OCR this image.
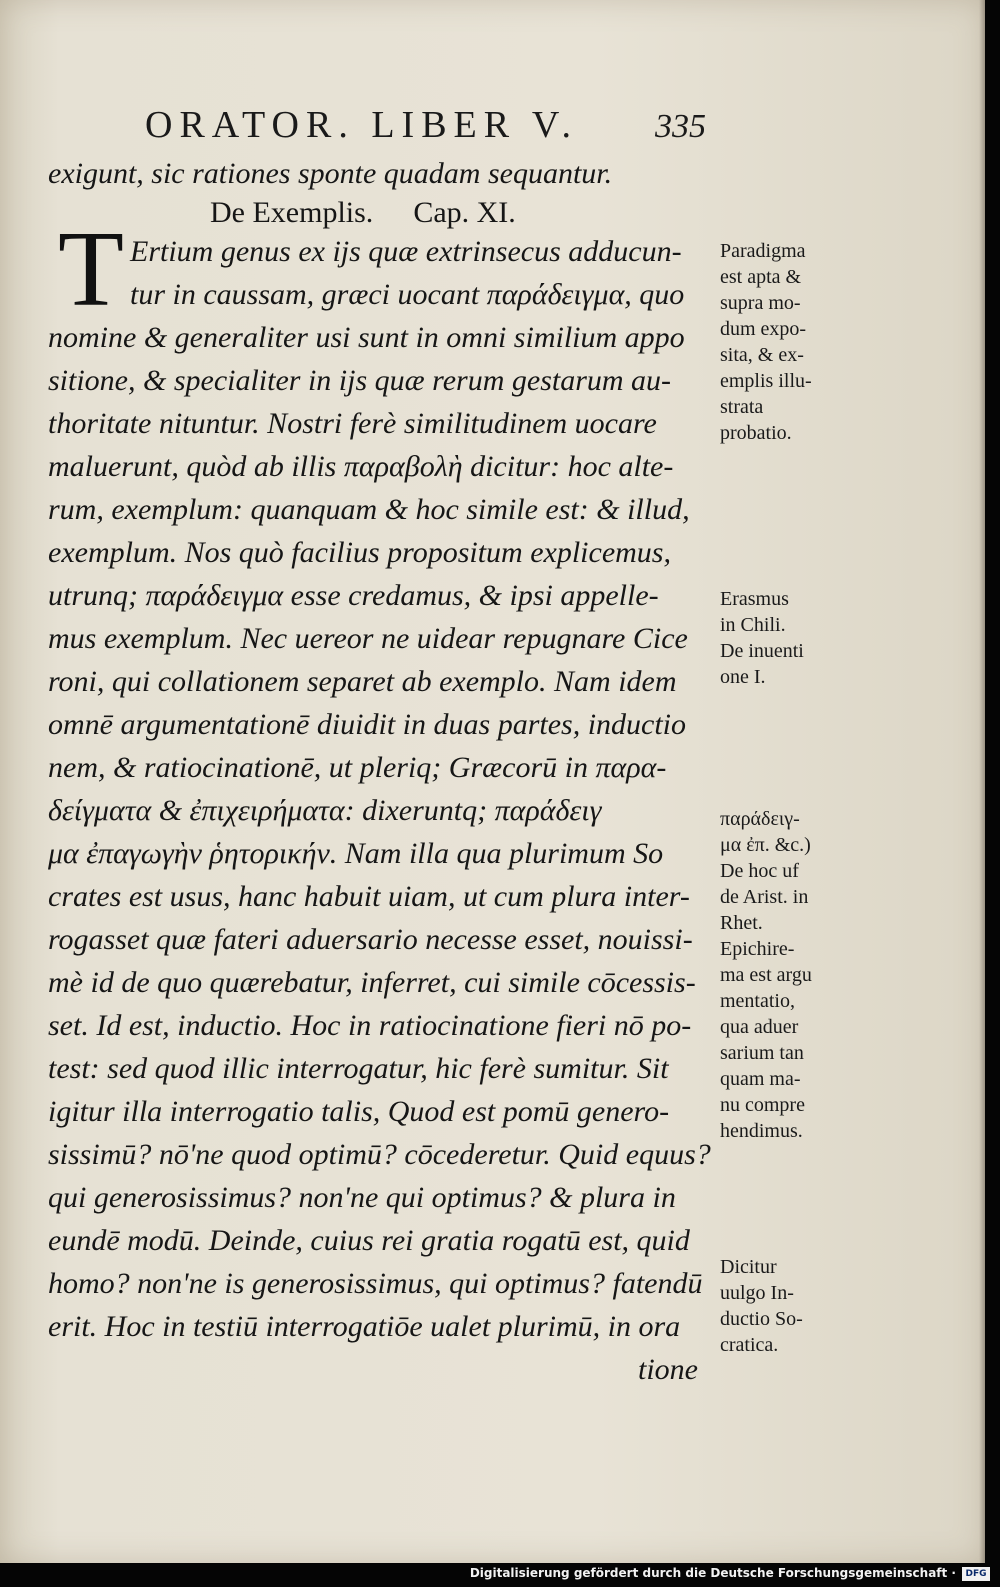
ORATOR. LIBER V.	335
exigunt, sic rationes sponte quadam sequantur.
De Exemplis. Cap. XI.
T Ertium genus ex ijs quæ extrinsecus adducun-
tur in caussam, græci uocant παράδειγμα, quo
nomine & generaliter usi sunt in omni similium appo
sitione, & specialiter in ijs quæ rerum gestarum au-
thoritate nituntur. Nostri ferè similitudinem uocare
maluerunt, quòd ab illis παραβολὴ dicitur: hoc alte-
rum, exemplum: quanquam & hoc simile est: & illud,
exemplum. Nos quò facilius propositum explicemus,
utrunq; παράδειγμα esse credamus, & ipsi appelle-
mus exemplum. Nec uereor ne uidear repugnare Cice
roni, qui collationem separet ab exemplo. Nam idem
omnē argumentationē diuidit in duas partes, inductio
nem, & ratiocinationē, ut pleriq; Græcorū in παρα-
δείγματα & ἐπιχειρήματα: dixeruntq; παράδειγ
μα ἐπαγωγὴν ῥητορικήν. Nam illa qua plurimum So
crates est usus, hanc habuit uiam, ut cum plura inter-
rogasset quæ fateri aduersario necesse esset, nouissi-
mè id de quo quærebatur, inferret, cui simile cōcessis-
set. Id est, inductio. Hoc in ratiocinatione fieri nō po-
test: sed quod illic interrogatur, hic ferè sumitur. Sit
igitur illa interrogatio talis, Quod est pomū genero-
sissimū? nō'ne quod optimū? cōcederetur. Quid equus?
qui generosissimus? non'ne qui optimus? & plura in
eundē modū. Deinde, cuius rei gratia rogatū est, quid
homo? non'ne is generosissimus, qui optimus? fatendū
erit. Hoc in testiū interrogatiōe ualet plurimū, in ora
tione
Paradigma
est apta &
supra mo-
dum expo-
sita, & ex-
emplis illu-
strata
probatio.
Erasmus
in Chili.
De inuenti
one I.
παράδειγ-
μα ἐπ. &c.)
De hoc uf
de Arist. in
Rhet.
Epichire-
ma est argu
mentatio,
qua aduer
sarium tan
quam ma-
nu compre
hendimus.
Dicitur
uulgo In-
ductio So-
cratica.
Digitalisierung gefördert durch die Deutsche Forschungsgemeinschaft ·	DFG
